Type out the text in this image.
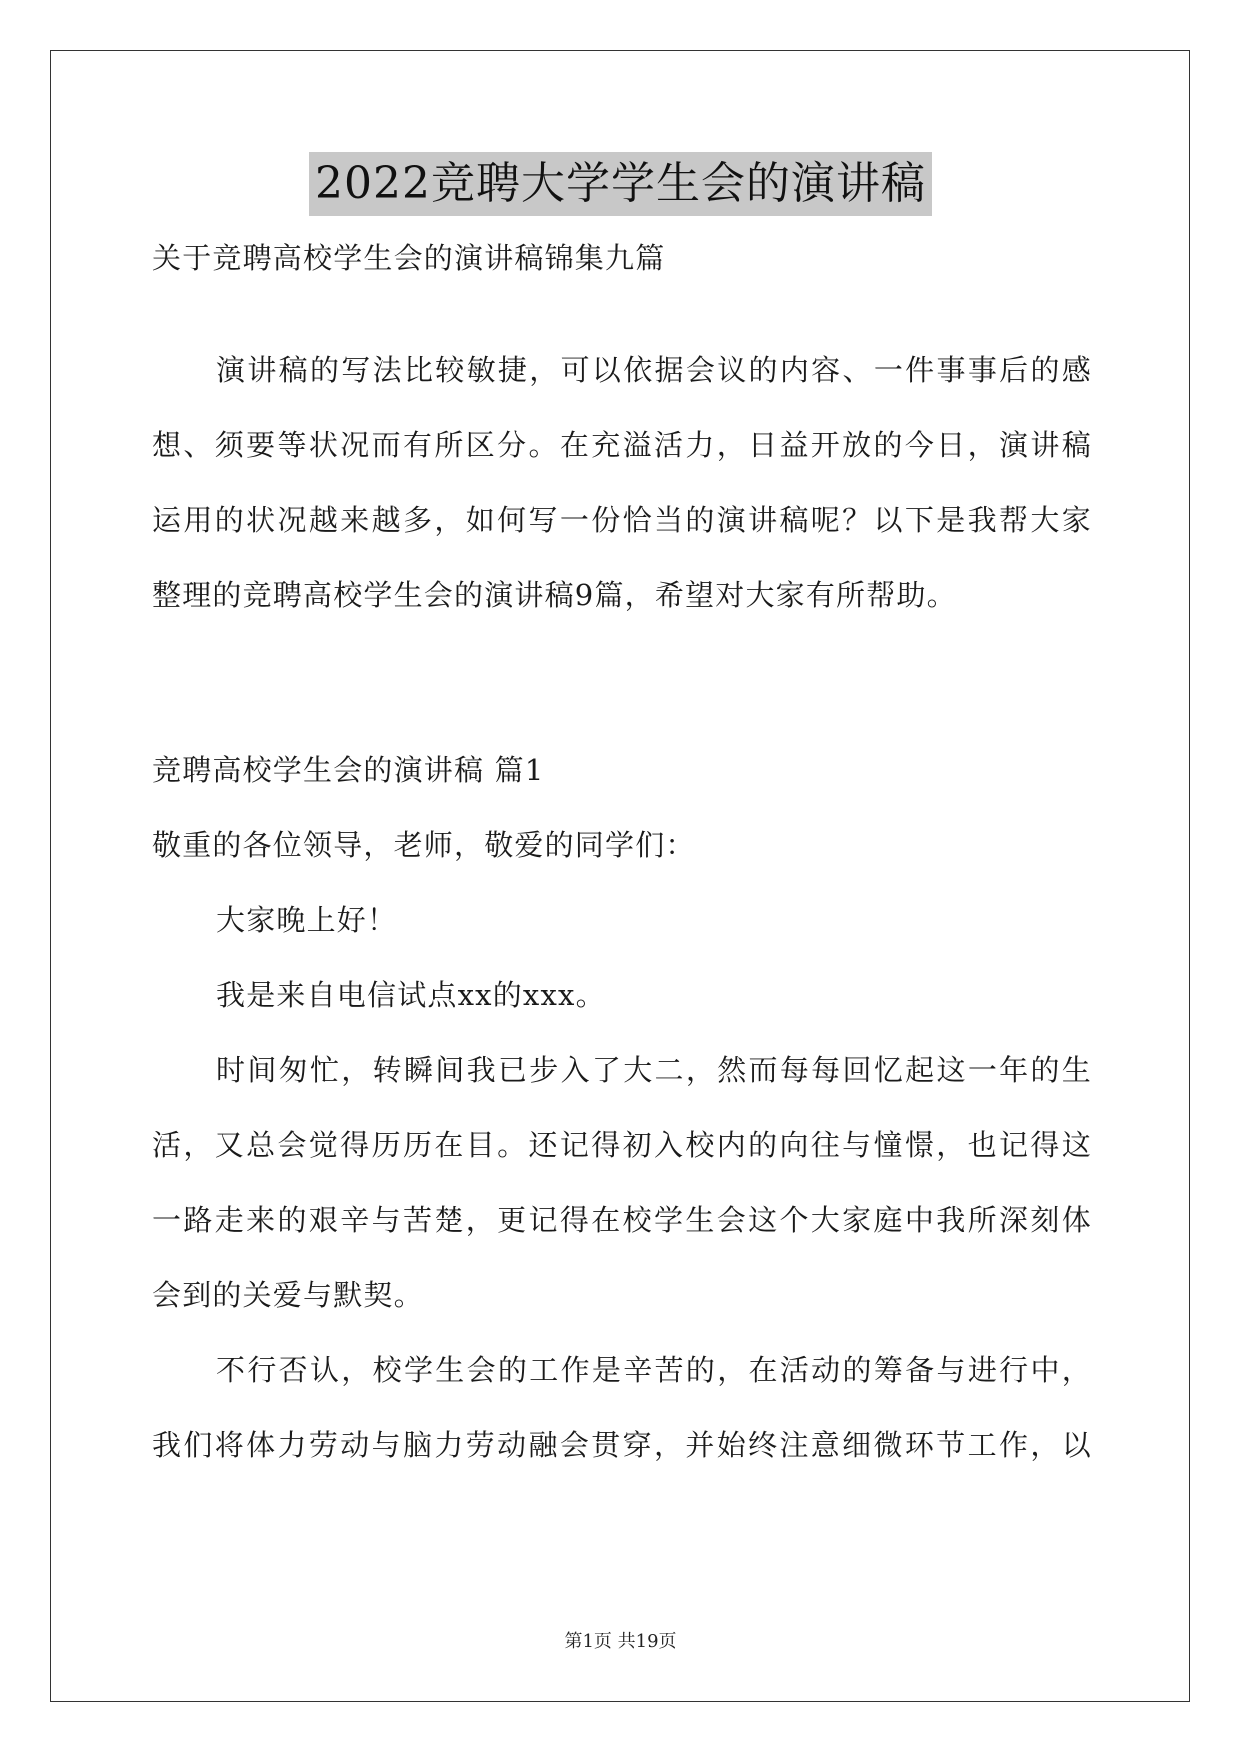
2022竞聘大学学生会的演讲稿
关于竞聘高校学生会的演讲稿锦集九篇
演讲稿的写法比较敏捷，可以依据会议的内容、一件事事后的感
想、须要等状况而有所区分。在充溢活力，日益开放的今日，演讲稿
运用的状况越来越多，如何写一份恰当的演讲稿呢？以下是我帮大家
整理的竞聘高校学生会的演讲稿9篇，希望对大家有所帮助。
竞聘高校学生会的演讲稿 篇1
敬重的各位领导，老师，敬爱的同学们：
大家晚上好！
我是来自电信试点xx的xxx。
时间匆忙，转瞬间我已步入了大二，然而每每回忆起这一年的生
活，又总会觉得历历在目。还记得初入校内的向往与憧憬，也记得这
一路走来的艰辛与苦楚，更记得在校学生会这个大家庭中我所深刻体
会到的关爱与默契。
不行否认，校学生会的工作是辛苦的，在活动的筹备与进行中，
我们将体力劳动与脑力劳动融会贯穿，并始终注意细微环节工作，以
第1页 共19页
